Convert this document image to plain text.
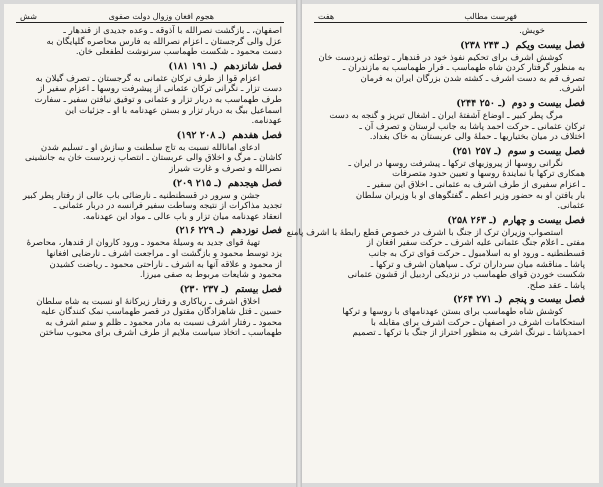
هجوم افغان وزوال دولت صفوی
شش
اصفهان، ـ بازگشت نصرالله با آذوقه ـ وعده جدیدی از قندهار ـ
عزل والی گرجستان ـ اعزام نصرالله به فارس محاصره گلپایگان به
دست محمود ـ شکست طهماسب سرنوشت لطفعلی خان.
فصل شانزدهم
(۱۸۱ ـ ۱۹۱)
اعزام قوا از طرف ترکان عثمانی به گرجستان ـ تصرف گیلان به
دست تزار ـ نگرانی ترکان عثمانی از پیشرفت روسها ـ اعزام سفیر از
طرف طهماسب به دربار تزار و عثمانی و توفیق نیافتن سفیر ـ سفارت
اسماعیل بیگ به دربار تزار و بستن عهدنامه با او ـ جزئیات این
عهدنامه.
فصل هفدهم
(۱۹۲ ـ ۲۰۸)
ادعای امانالله نسبت به تاج سلطنت و سازش او ـ تسلیم شدن
کاشان ـ مرگ و اخلاق والی عربستان ـ انتصاب زبردست خان به جانشینی
نصرالله و تصرف و غارت شیراز
فصل هیجدهم
(۲۰۹ ـ ۲۱۵)
جشن و سرور در قسطنطنیه ـ نارضائی باب عالی از رفتار پطر کبیر
تجدید مذاکرات از نتیجه وساطت سفیر فرانسه در دربار عثمانی ـ
انعقاد عهدنامه میان تزار و باب عالی ـ مواد این عهدنامه.
فصل نوزدهم
(۲۱۶ ـ ۲۲۹)
تهیهٔ قوای جدید به وسیلهٔ محمود ـ ورود کاروان از قندهار، محاصرهٔ
یزد توسط محمود و بازگشت او ـ مراجعت اشرف ـ نارضایی افغانها
از محمود و علاقه آنها به اشرف ـ ناراحتی محمود ـ ریاضت کشیدن
محمود و شایعات مربوط به صفی میرزا.
فصل بیستم
(۲۳۰ ـ ۲۳۷)
اخلاق اشرف ـ ریاکاری و رفتار زیرکانهٔ او نسبت به شاه سلطان
حسین ـ قتل شاهزادگان مقتول در قصر طهماسب نمک کنندگان علیه
محمود ـ رفتار اشرف نسبت به مادر محمود ـ ظلم و ستم اشرف به
طهماسب ـ اتخاذ سیاست ملایم از طرف اشرف برای محبوب ساختن
فهرست مطالب
هفت
خویش.
فصل بیست ویکم
(۲۳۸ ـ ۲۴۳)
کوشش اشرف برای تحکیم نفوذ خود در قندهار ـ توطئه زبردست خان
به منظور گرفتار کردن شاه طهماسب ـ فرار طهماسب به مازندران ـ
تصرف قم به دست اشرف ـ کشته شدن بزرگان ایران به فرمان
اشرف.
فصل بیست و دوم
(۲۴۴ ـ ۲۵۰)
مرگ پطر کبیر ـ اوضاع آشفتهٔ ایران ـ اشغال تبریز و گنجه به دست
ترکان عثمانی ـ حرکت احمد پاشا به جانب لرستان و تصرف آن ـ
اختلاف در میان بختیاریها ـ حملهٔ والی عربستان به خاک بغداد.
فصل بیست و سوم
(۲۵۱ ـ ۲۵۷)
نگرانی روسها از پیروزیهای ترکها ـ پیشرفت روسها در ایران ـ
همکاری ترکها با نمایندهٔ روسها و تعیین حدود متصرفات
ـ اعزام سفیری از طرف اشرف به عثمانی ـ اخلاق این سفیر ـ
بار یافتن او به حضور وزیر اعظم ـ گفتگوهای او با وزیران سلطان
عثمانی.
فصل بیست و چهارم
(۲۵۸ ـ ۲۶۳)
استصواب وزیران ترک از جنگ با اشرف در خصوص قطع رابطهٔ با اشرف پامنع
مفتی ـ اعلام جنگ عثمانی علیه اشرف ـ حرکت سفیر افغان از
قسطنطنیه ـ ورود او به اسلامبول ـ حرکت قوای ترک به جانب
پاشا ـ مناقشه میان سرداران ترک ـ سپاهیان اشرف و ترکها ـ
شکست خوردن قوای طهماسب در نزدیکی اردبیل از قشون عثمانی
پاشا ـ عقد صلح.
فصل بیست و پنجم
(۲۶۴ ـ ۲۷۱)
کوشش شاه طهماسب برای بستن عهدنامهای با روسها و ترکها
استحکامات اشرف در اصفهان ـ حرکت اشرف برای مقابله با
احمدپاشا ـ نیرنگ اشرف به منظور احتراز از جنگ با ترکها ـ تصمیم
